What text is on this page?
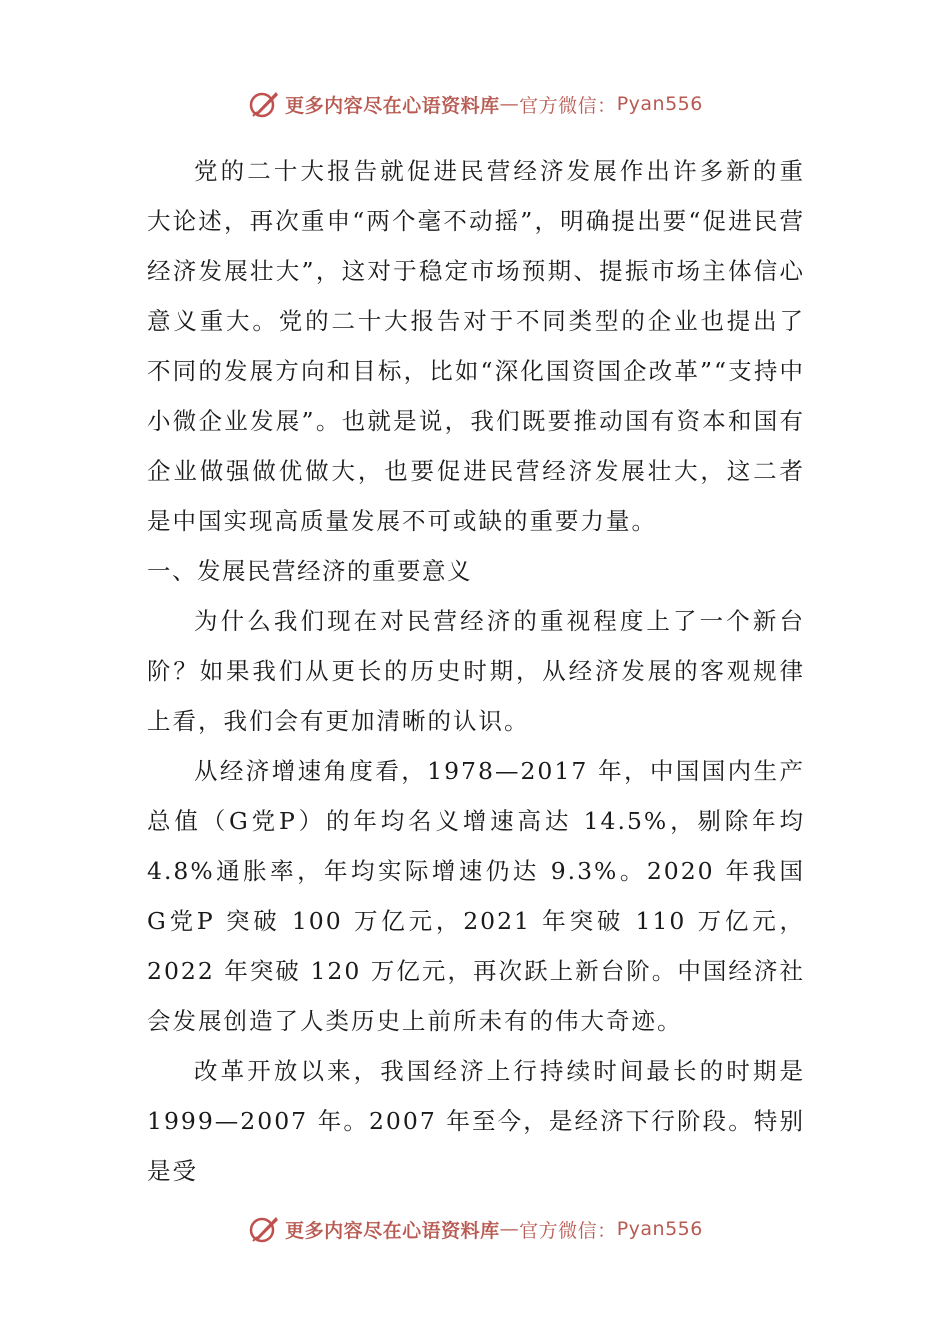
更多内容尽在心语资料库 — 官方微信： Pyan556

党的二十大报告就促进民营经济发展作出许多新的重大论述，再次重申“两个毫不动摇”，明确提出要“促进民营经济发展壮大”，这对于稳定市场预期、提振市场主体信心意义重大。党的二十大报告对于不同类型的企业也提出了不同的发展方向和目标，比如“深化国资国企改革”“支持中小微企业发展”。也就是说，我们既要推动国有资本和国有企业做强做优做大，也要促进民营经济发展壮大，这二者是中国实现高质量发展不可或缺的重要力量。

一、发展民营经济的重要意义

为什么我们现在对民营经济的重视程度上了一个新台阶？如果我们从更长的历史时期，从经济发展的客观规律上看，我们会有更加清晰的认识。

从经济增速角度看，1978—2017 年，中国国内生产总值（G党P）的年均名义增速高达 14.5%，剔除年均 4.8%通胀率，年均实际增速仍达 9.3%。2020 年我国 G党P 突破 100 万亿元，2021 年突破 110 万亿元，2022 年突破 120 万亿元，再次跃上新台阶。中国经济社会发展创造了人类历史上前所未有的伟大奇迹。

改革开放以来，我国经济上行持续时间最长的时期是 1999—2007 年。2007 年至今，是经济下行阶段。特别是受

更多内容尽在心语资料库 — 官方微信： Pyan556
